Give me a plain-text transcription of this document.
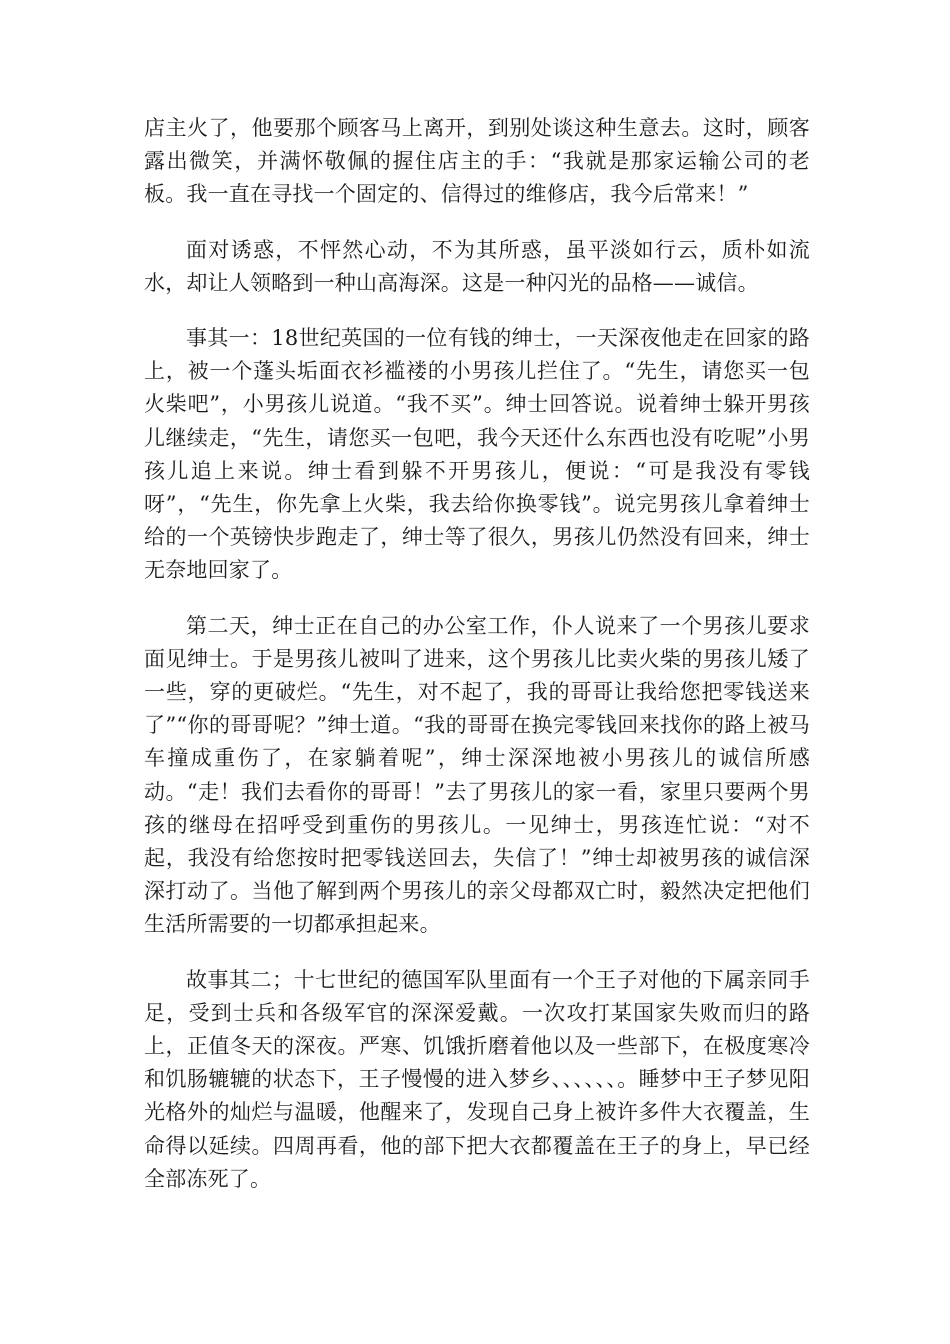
店主火了，他要那个顾客马上离开，到别处谈这种生意去。这时，顾客露出微笑，并满怀敬佩的握住店主的手：“我就是那家运输公司的老板。我一直在寻找一个固定的、信得过的维修店，我今后常来！”

面对诱惑，不怦然心动，不为其所惑，虽平淡如行云，质朴如流水，却让人领略到一种山高海深。这是一种闪光的品格——诚信。

事其一：18世纪英国的一位有钱的绅士，一天深夜他走在回家的路上，被一个蓬头垢面衣衫褴褛的小男孩儿拦住了。“先生，请您买一包火柴吧”，小男孩儿说道。“我不买”。绅士回答说。说着绅士躲开男孩儿继续走，“先生，请您买一包吧，我今天还什么东西也没有吃呢”小男孩儿追上来说。绅士看到躲不开男孩儿，便说：“可是我没有零钱呀”，“先生，你先拿上火柴，我去给你换零钱”。说完男孩儿拿着绅士给的一个英镑快步跑走了，绅士等了很久，男孩儿仍然没有回来，绅士无奈地回家了。

第二天，绅士正在自己的办公室工作，仆人说来了一个男孩儿要求面见绅士。于是男孩儿被叫了进来，这个男孩儿比卖火柴的男孩儿矮了一些，穿的更破烂。“先生，对不起了，我的哥哥让我给您把零钱送来了”“你的哥哥呢？”绅士道。“我的哥哥在换完零钱回来找你的路上被马车撞成重伤了，在家躺着呢”，绅士深深地被小男孩儿的诚信所感动。“走！我们去看你的哥哥！”去了男孩儿的家一看，家里只要两个男孩的继母在招呼受到重伤的男孩儿。一见绅士，男孩连忙说：“对不起，我没有给您按时把零钱送回去，失信了！”绅士却被男孩的诚信深深打动了。当他了解到两个男孩儿的亲父母都双亡时，毅然决定把他们生活所需要的一切都承担起来。

故事其二；十七世纪的德国军队里面有一个王子对他的下属亲同手足，受到士兵和各级军官的深深爱戴。一次攻打某国家失败而归的路上，正值冬天的深夜。严寒、饥饿折磨着他以及一些部下，在极度寒冷和饥肠辘辘的状态下，王子慢慢的进入梦乡、、、、、、。睡梦中王子梦见阳光格外的灿烂与温暖，他醒来了，发现自己身上被许多件大衣覆盖，生命得以延续。四周再看，他的部下把大衣都覆盖在王子的身上，早已经全部冻死了。
